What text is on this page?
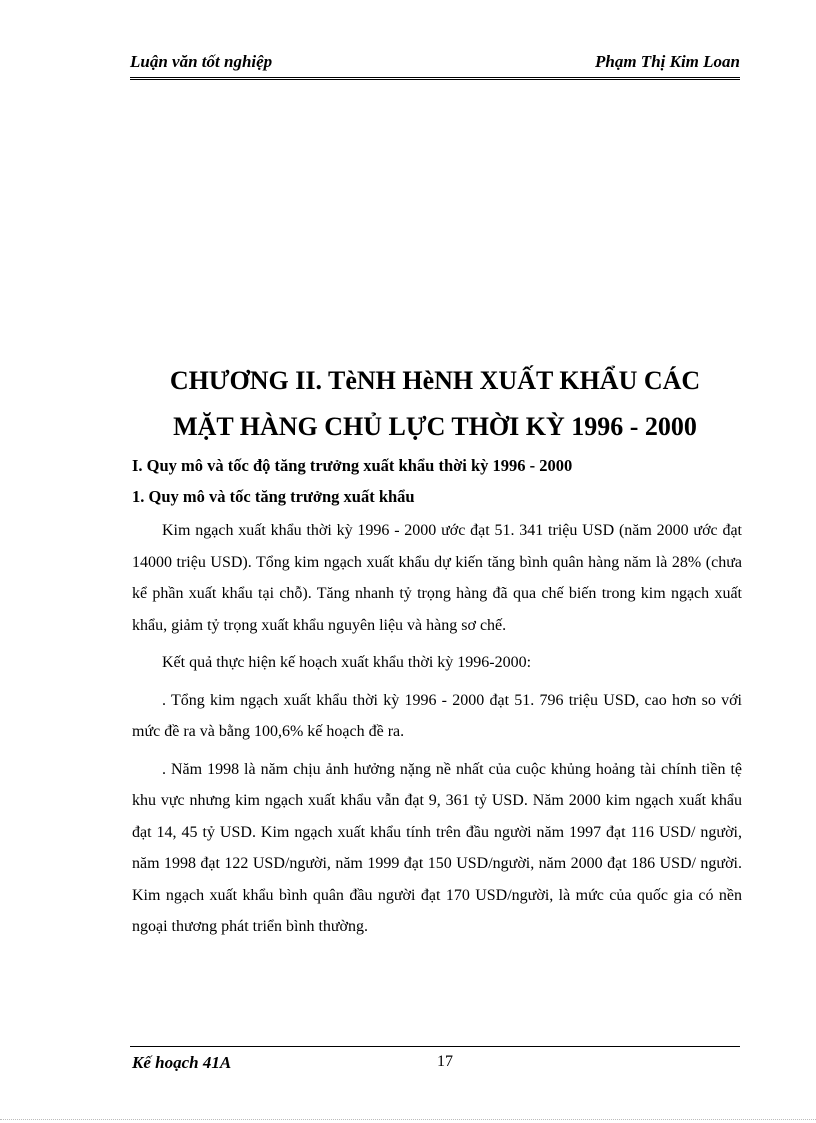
Luận văn tốt nghiệp	Phạm Thị Kim Loan
CHƯƠNG II. TèNH HèNH XUẤT KHẨU CÁC
MẶT HÀNG CHỦ LỰC THỜI KỲ 1996 - 2000
I. Quy mô và tốc độ tăng trưởng xuất khẩu thời kỳ 1996 - 2000
1. Quy mô và tốc tăng trưởng xuất khẩu

Kim ngạch xuất khẩu thời kỳ 1996 - 2000 ước đạt 51. 341 triệu USD (năm 2000 ước đạt 14000 triệu USD). Tổng kim ngạch xuất khẩu dự kiến tăng bình quân hàng năm là 28% (chưa kể phần xuất khẩu tại chỗ). Tăng nhanh tỷ trọng hàng đã qua chế biến trong kim ngạch xuất khẩu, giảm tỷ trọng xuất khẩu nguyên liệu và hàng sơ chế.

Kết quả thực hiện kế hoạch xuất khẩu thời kỳ 1996-2000:

. Tổng kim ngạch xuất khẩu thời kỳ 1996 - 2000 đạt 51. 796 triệu USD, cao hơn so với mức đề ra và bằng 100,6% kế hoạch đề ra.

. Năm 1998 là năm chịu ảnh hưởng nặng nề nhất của cuộc khủng hoảng tài chính tiền tệ khu vực nhưng kim ngạch xuất khẩu vẫn đạt 9, 361 tỷ USD. Năm 2000 kim ngạch xuất khẩu đạt 14, 45 tỷ USD. Kim ngạch xuất khẩu tính trên đầu người năm 1997 đạt 116 USD/ người, năm 1998 đạt 122 USD/người, năm 1999 đạt 150 USD/người, năm 2000 đạt 186 USD/ người. Kim ngạch xuất khẩu bình quân đầu người đạt 170 USD/người, là mức của quốc gia có nền ngoại thương phát triển bình thường.

Kế hoạch 41A	17
